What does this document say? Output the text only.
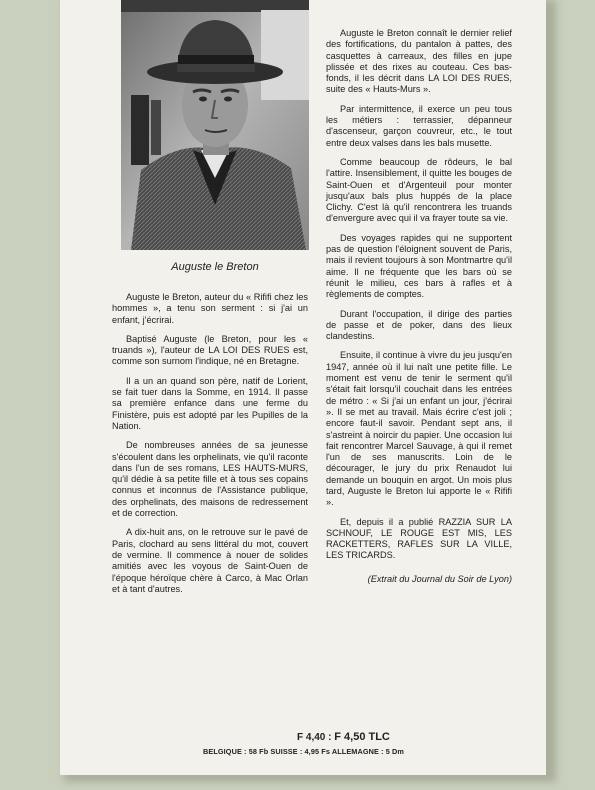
Auguste le Breton

Auguste le Breton, auteur du « Rififi chez les hommes », a tenu son serment : si j'ai un enfant, j'écrirai.

Baptisé Auguste (le Breton, pour les « truands »), l'auteur de LA LOI DES RUES est, comme son surnom l'indique, né en Bretagne.

Il a un an quand son père, natif de Lorient, se fait tuer dans la Somme, en 1914. Il passe sa première enfance dans une ferme du Finistère, puis est adopté par les Pupilles de la Nation.

De nombreuses années de sa jeunesse s'écoulent dans les orphelinats, vie qu'il raconte dans l'un de ses romans, LES HAUTS-MURS, qu'il dédie à sa petite fille et à tous ses copains connus et inconnus de l'Assistance publique, des orphelinats, des maisons de redressement et de correction.

A dix-huit ans, on le retrouve sur le pavé de Paris, clochard au sens littéral du mot, couvert de vermine. Il commence à nouer de solides amitiés avec les voyous de Saint-Ouen de l'époque héroïque chère à Carco, à Mac Orlan et à tant d'autres.

Auguste le Breton connaît le dernier relief des fortifications, du pantalon à pattes, des casquettes à carreaux, des filles en jupe plissée et des rixes au couteau. Ces bas-fonds, il les décrit dans LA LOI DES RUES, suite des « Hauts-Murs ».

Par intermittence, il exerce un peu tous les métiers : terrassier, dépanneur d'ascenseur, garçon couvreur, etc., le tout entre deux valses dans les bals musette.

Comme beaucoup de rôdeurs, le bal l'attire. Insensiblement, il quitte les bouges de Saint-Ouen et d'Argenteuil pour monter jusqu'aux bals plus huppés de la place Clichy. C'est là qu'il rencontrera les truands d'envergure avec qui il va frayer toute sa vie.

Des voyages rapides qui ne supportent pas de question l'éloignent souvent de Paris, mais il revient toujours à son Montmartre qu'il aime. Il ne fréquente que les bars où se réunit le milieu, ces bars à rafles et à règlements de comptes.

Durant l'occupation, il dirige des parties de passe et de poker, dans des lieux clandestins.

Ensuite, il continue à vivre du jeu jusqu'en 1947, année où il lui naît une petite fille. Le moment est venu de tenir le serment qu'il s'était fait lorsqu'il couchait dans les entrées de métro : « Si j'ai un enfant un jour, j'écrirai ». Il se met au travail. Mais écrire c'est joli ; encore faut-il savoir. Pendant sept ans, il s'astreint à noircir du papier. Une occasion lui fait rencontrer Marcel Sauvage, à qui il remet l'un de ses manuscrits. Loin de le décourager, le jury du prix Renaudot lui demande un bouquin en argot. Un mois plus tard, Auguste le Breton lui apporte le « Rififi ».

Et, depuis il a publié RAZZIA SUR LA SCHNOUF, LE ROUGE EST MIS, LES RACKETTERS, RAFLES SUR LA VILLE, LES TRICARDS.

(Extrait du Journal du Soir de Lyon)

F 4,40 : F 4,50 TLC
BELGIQUE : 58 Fb SUISSE : 4,95 Fs ALLEMAGNE : 5 Dm
